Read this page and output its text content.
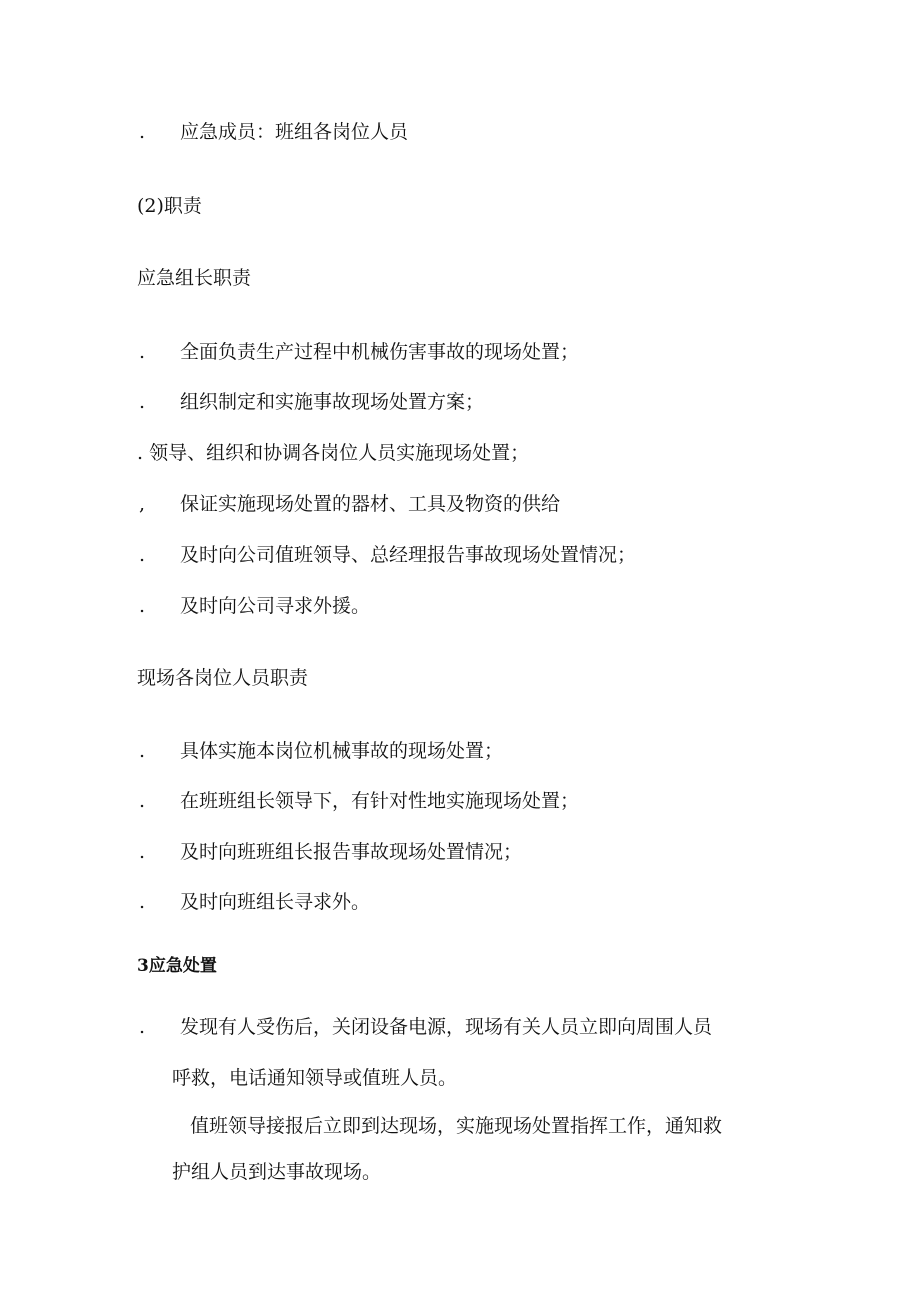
. 应急成员：班组各岗位人员
(2)职责
应急组长职责
. 全面负责生产过程中机械伤害事故的现场处置；
. 组织制定和实施事故现场处置方案；
. 领导、组织和协调各岗位人员实施现场处置；
, 保证实施现场处置的器材、工具及物资的供给
. 及时向公司值班领导、总经理报告事故现场处置情况；
. 及时向公司寻求外援。
现场各岗位人员职责
. 具体实施本岗位机械事故的现场处置；
. 在班班组长领导下，有针对性地实施现场处置；
. 及时向班班组长报告事故现场处置情况；
. 及时向班组长寻求外。
3应急处置
. 发现有人受伤后，关闭设备电源，现场有关人员立即向周围人员
呼救，电话通知领导或值班人员。
值班领导接报后立即到达现场，实施现场处置指挥工作，通知救
护组人员到达事故现场。
